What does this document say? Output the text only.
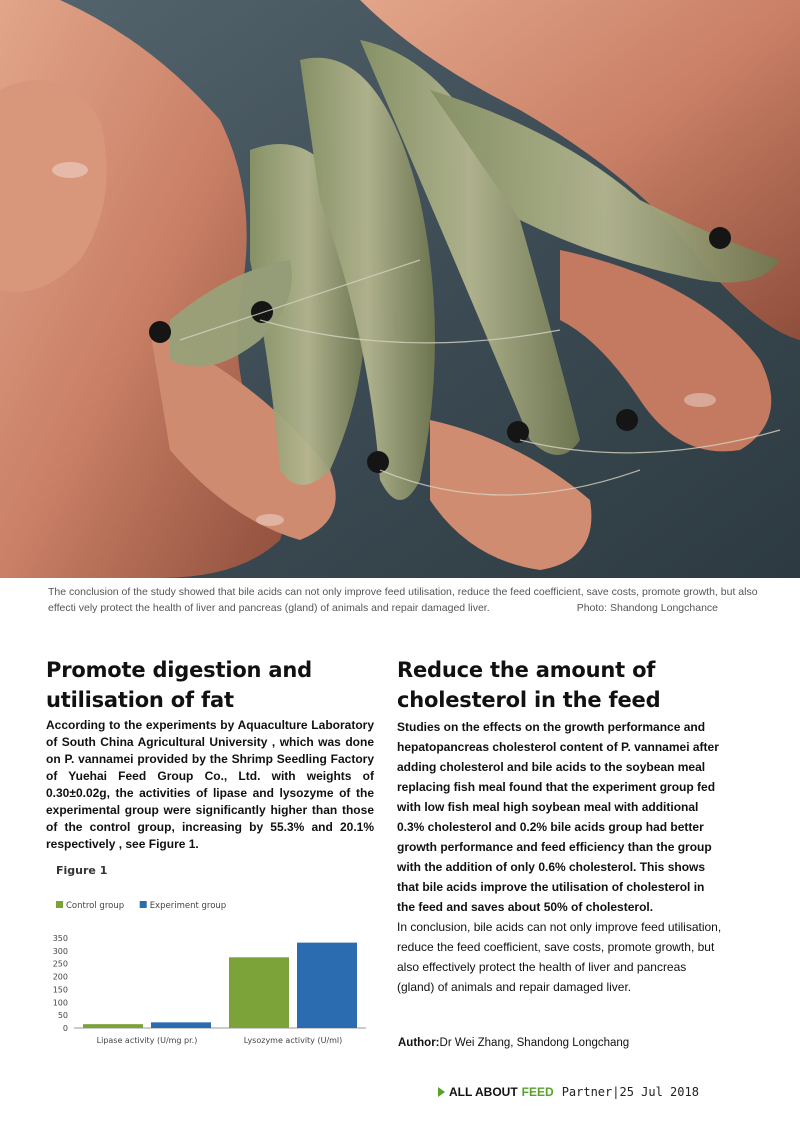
The conclusion of the study showed that bile acids can not only improve feed utilisation, reduce the feed coefficient, save costs, promote growth, but also effecti vely protect the health of liver and pancreas (gland) of animals and repair damaged liver.	Photo: Shandong Longchance
Promote digestion and utilisation of fat

According to the experiments by Aquaculture Laboratory of South China Agricultural University , which was done on P. vannamei provided by the Shrimp Seedling Factory of Yuehai Feed Group Co., Ltd. with weights of 0.30±0.02g, the activities of lipase and lysozyme of the experimental group were significantly higher than those of the control group, increasing by 55.3% and 20.1% respectively , see Figure 1.

Figure 1
Control group	Experiment group
0
50
100
150
200
250
300
350
Lipase activity (U/mg pr.)	Lysozyme activity (U/ml)
Reduce the amount of cholesterol in the feed

Studies on the effects on the growth performance and hepatopancreas cholesterol content of P. vannamei after adding cholesterol and bile acids to the soybean meal replacing fish meal found that the experiment group fed with low fish meal high soybean meal with additional 0.3% cholesterol and 0.2% bile acids group had better growth performance and feed efficiency than the group with the addition of only 0.6% cholesterol. This shows that bile acids improve the utilisation of cholesterol in the feed and saves about 50% of cholesterol.

In conclusion, bile acids can not only improve feed utilisation, reduce the feed coefficient, save costs, promote growth, but also effectively protect the health of liver and pancreas (gland) of animals and repair damaged liver.

Author:Dr Wei Zhang, Shandong Longchang
ALL ABOUT FEED Partner|25 Jul 2018
